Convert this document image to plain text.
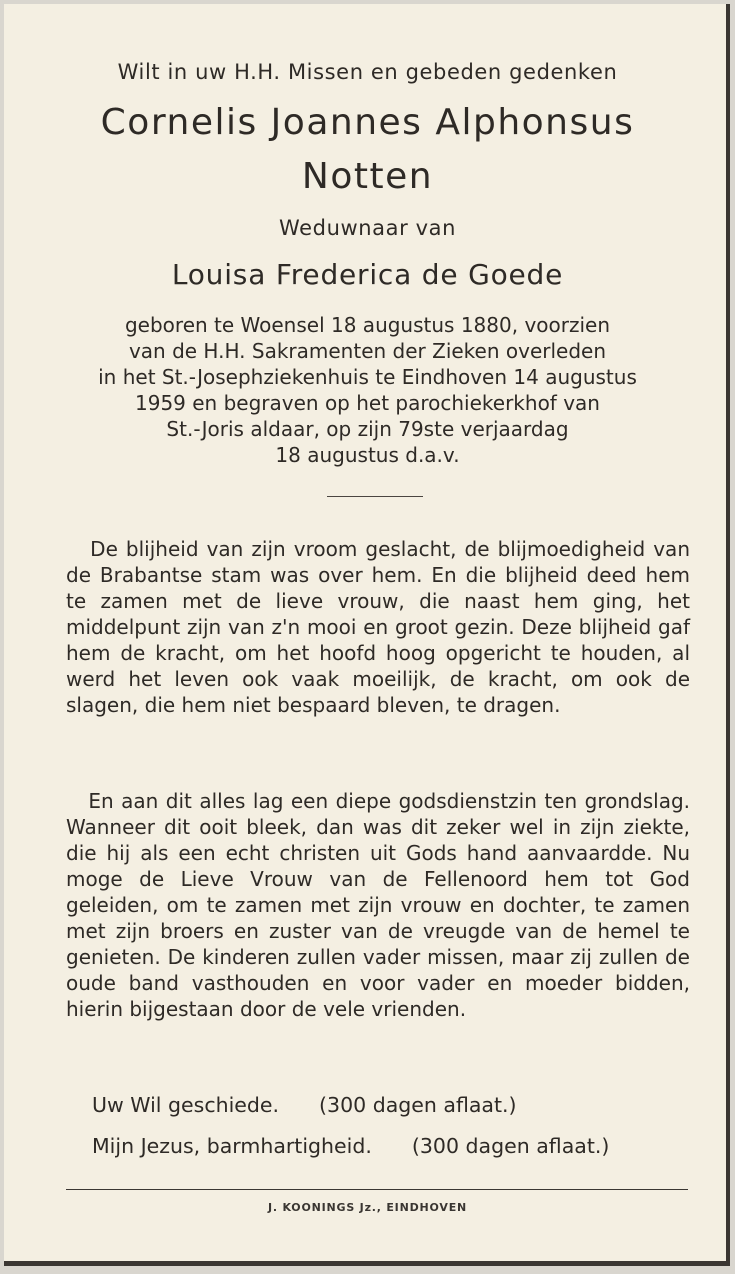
Wilt in uw H.H. Missen en gebeden gedenken
Cornelis Joannes Alphonsus
Notten
Weduwnaar van
Louisa Frederica de Goede
geboren te Woensel 18 augustus 1880, voorzien
van de H.H. Sakramenten der Zieken overleden
in het St.-Josephziekenhuis te Eindhoven 14 augustus
1959 en begraven op het parochiekerkhof van
St.-Joris aldaar, op zijn 79ste verjaardag
18 augustus d.a.v.
De blijheid van zijn vroom geslacht, de blijmoedigheid van de Brabantse stam was over hem. En die blijheid deed hem te zamen met de lieve vrouw, die naast hem ging, het middelpunt zijn van z'n mooi en groot gezin. Deze blijheid gaf hem de kracht, om het hoofd hoog opgericht te houden, al werd het leven ook vaak moeilijk, de kracht, om ook de slagen, die hem niet bespaard bleven, te dragen.
En aan dit alles lag een diepe godsdienstzin ten grondslag. Wanneer dit ooit bleek, dan was dit zeker wel in zijn ziekte, die hij als een echt christen uit Gods hand aanvaardde. Nu moge de Lieve Vrouw van de Fellenoord hem tot God geleiden, om te zamen met zijn vrouw en dochter, te zamen met zijn broers en zuster van de vreugde van de hemel te genieten. De kinderen zullen vader missen, maar zij zullen de oude band vasthouden en voor vader en moeder bidden, hierin bijgestaan door de vele vrienden.
Uw Wil geschiede. (300 dagen aflaat.)
Mijn Jezus, barmhartigheid. (300 dagen aflaat.)
J. KOONINGS Jz., EINDHOVEN
